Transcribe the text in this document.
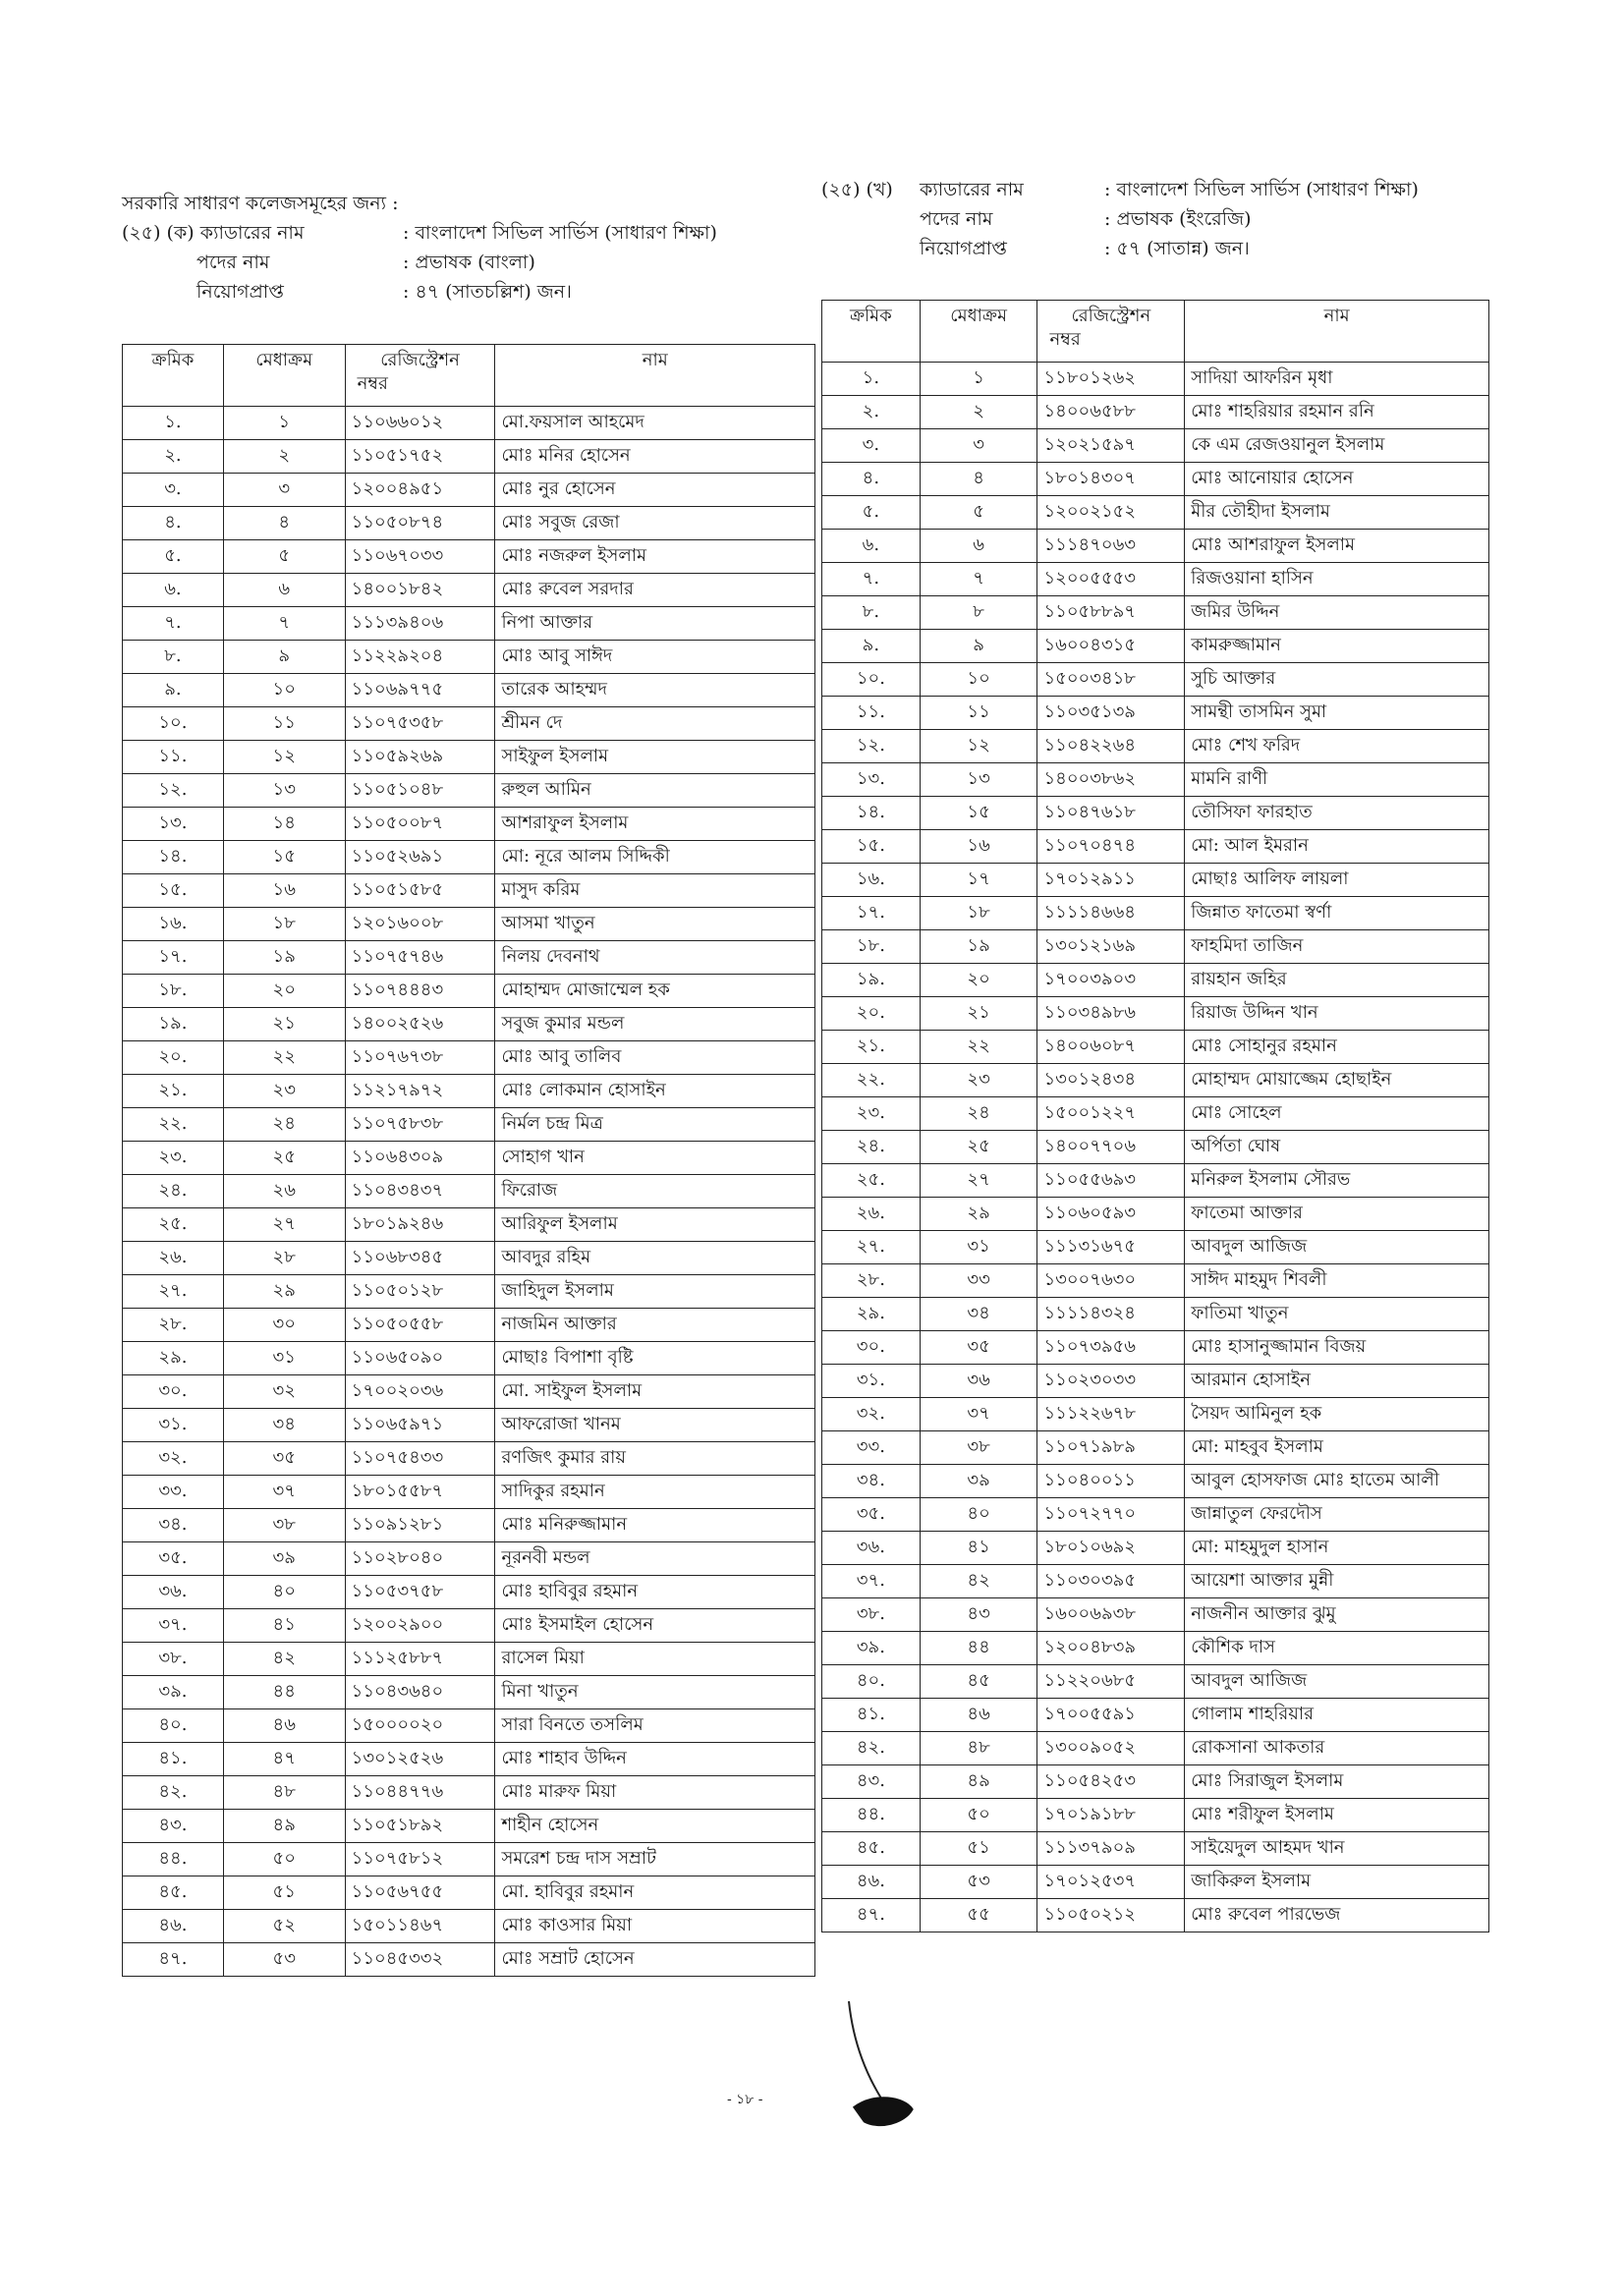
সরকারি সাধারণ কলেজসমূহের জন্য :
(২৫) (ক) ক্যাডারের নাম	: বাংলাদেশ সিভিল সার্ভিস (সাধারণ শিক্ষা)
পদের নাম	: প্রভাষক (বাংলা)
নিয়োগপ্রাপ্ত	: ৪৭ (সাতচল্লিশ) জন।
(২৫) (খ)	ক্যাডারের নাম	: বাংলাদেশ সিভিল সার্ভিস (সাধারণ শিক্ষা)
পদের নাম	: প্রভাষক (ইংরেজি)
নিয়োগপ্রাপ্ত	: ৫৭ (সাতান্ন) জন।
ক্রমিক	মেধাক্রম	রেজিস্ট্রেশন
নম্বর	নাম
১.	১	১১০৬৬০১২	মো.ফয়সাল আহমেদ
২.	২	১১০৫১৭৫২	মোঃ মনির হোসেন
৩.	৩	১২০০৪৯৫১	মোঃ নুর হোসেন
৪.	৪	১১০৫০৮৭৪	মোঃ সবুজ রেজা
৫.	৫	১১০৬৭০৩৩	মোঃ নজরুল ইসলাম
৬.	৬	১৪০০১৮৪২	মোঃ রুবেল সরদার
৭.	৭	১১১৩৯৪০৬	নিপা আক্তার
৮.	৯	১১২২৯২০৪	মোঃ আবু সাঈদ
৯.	১০	১১০৬৯৭৭৫	তারেক আহম্মদ
১০.	১১	১১০৭৫৩৫৮	শ্রীমন দে
১১.	১২	১১০৫৯২৬৯	সাইফুল ইসলাম
১২.	১৩	১১০৫১০৪৮	রুহুল আমিন
১৩.	১৪	১১০৫০০৮৭	আশরাফুল ইসলাম
১৪.	১৫	১১০৫২৬৯১	মো: নূরে আলম সিদ্দিকী
১৫.	১৬	১১০৫১৫৮৫	মাসুদ করিম
১৬.	১৮	১২০১৬০০৮	আসমা খাতুন
১৭.	১৯	১১০৭৫৭৪৬	নিলয় দেবনাথ
১৮.	২০	১১০৭৪৪৪৩	মোহাম্মদ মোজাম্মেল হক
১৯.	২১	১৪০০২৫২৬	সবুজ কুমার মন্ডল
২০.	২২	১১০৭৬৭৩৮	মোঃ আবু তালিব
২১.	২৩	১১২১৭৯৭২	মোঃ লোকমান হোসাইন
২২.	২৪	১১০৭৫৮৩৮	নির্মল চন্দ্র মিত্র
২৩.	২৫	১১০৬৪৩০৯	সোহাগ খান
২৪.	২৬	১১০৪৩৪৩৭	ফিরোজ
২৫.	২৭	১৮০১৯২৪৬	আরিফুল ইসলাম
২৬.	২৮	১১০৬৮৩৪৫	আবদুর রহিম
২৭.	২৯	১১০৫০১২৮	জাহিদুল ইসলাম
২৮.	৩০	১১০৫০৫৫৮	নাজমিন আক্তার
২৯.	৩১	১১০৬৫০৯০	মোছাঃ বিপাশা বৃষ্টি
৩০.	৩২	১৭০০২০৩৬	মো. সাইফুল ইসলাম
৩১.	৩৪	১১০৬৫৯৭১	আফরোজা খানম
৩২.	৩৫	১১০৭৫৪৩৩	রণজিৎ কুমার রায়
৩৩.	৩৭	১৮০১৫৫৮৭	সাদিকুর রহমান
৩৪.	৩৮	১১০৯১২৮১	মোঃ মনিরুজ্জামান
৩৫.	৩৯	১১০২৮০৪০	নূরনবী মন্ডল
৩৬.	৪০	১১০৫৩৭৫৮	মোঃ হাবিবুর রহমান
৩৭.	৪১	১২০০২৯০০	মোঃ ইসমাইল হোসেন
৩৮.	৪২	১১১২৫৮৮৭	রাসেল মিয়া
৩৯.	৪৪	১১০৪৩৬৪০	মিনা খাতুন
৪০.	৪৬	১৫০০০০২০	সারা বিনতে তসলিম
৪১.	৪৭	১৩০১২৫২৬	মোঃ শাহাব উদ্দিন
৪২.	৪৮	১১০৪৪৭৭৬	মোঃ মারুফ মিয়া
৪৩.	৪৯	১১০৫১৮৯২	শাহীন হোসেন
৪৪.	৫০	১১০৭৫৮১২	সমরেশ চন্দ্র দাস সম্রাট
৪৫.	৫১	১১০৫৬৭৫৫	মো. হাবিবুর রহমান
৪৬.	৫২	১৫০১১৪৬৭	মোঃ কাওসার মিয়া
৪৭.	৫৩	১১০৪৫৩৩২	মোঃ সম্রাট হোসেন
ক্রমিক	মেধাক্রম	রেজিস্ট্রেশন
নম্বর	নাম
১.	১	১১৮০১২৬২	সাদিয়া আফরিন মৃধা
২.	২	১৪০০৬৫৮৮	মোঃ শাহরিয়ার রহমান রনি
৩.	৩	১২০২১৫৯৭	কে এম রেজওয়ানুল ইসলাম
৪.	৪	১৮০১৪৩০৭	মোঃ আনোয়ার হোসেন
৫.	৫	১২০০২১৫২	মীর তৌহীদা ইসলাম
৬.	৬	১১১৪৭০৬৩	মোঃ আশরাফুল ইসলাম
৭.	৭	১২০০৫৫৫৩	রিজওয়ানা হাসিন
৮.	৮	১১০৫৮৮৯৭	জমির উদ্দিন
৯.	৯	১৬০০৪৩১৫	কামরুজ্জামান
১০.	১০	১৫০০৩৪১৮	সুচি আক্তার
১১.	১১	১১০৩৫১৩৯	সামন্থী তাসমিন সুমা
১২.	১২	১১০৪২২৬৪	মোঃ শেখ ফরিদ
১৩.	১৩	১৪০০৩৮৬২	মামনি রাণী
১৪.	১৫	১১০৪৭৬১৮	তৌসিফা ফারহাত
১৫.	১৬	১১০৭০৪৭৪	মো: আল ইমরান
১৬.	১৭	১৭০১২৯১১	মোছাঃ আলিফ লায়লা
১৭.	১৮	১১১১৪৬৬৪	জিন্নাত ফাতেমা স্বর্ণা
১৮.	১৯	১৩০১২১৬৯	ফাহমিদা তাজিন
১৯.	২০	১৭০০৩৯০৩	রায়হান জহির
২০.	২১	১১০৩৪৯৮৬	রিয়াজ উদ্দিন খান
২১.	২২	১৪০০৬০৮৭	মোঃ সোহানুর রহমান
২২.	২৩	১৩০১২৪৩৪	মোহাম্মদ মোয়াজ্জেম হোছাইন
২৩.	২৪	১৫০০১২২৭	মোঃ সোহেল
২৪.	২৫	১৪০০৭৭০৬	অর্পিতা ঘোষ
২৫.	২৭	১১০৫৫৬৯৩	মনিরুল ইসলাম সৌরভ
২৬.	২৯	১১০৬০৫৯৩	ফাতেমা আক্তার
২৭.	৩১	১১১৩১৬৭৫	আবদুল আজিজ
২৮.	৩৩	১৩০০৭৬৩০	সাঈদ মাহমুদ শিবলী
২৯.	৩৪	১১১১৪৩২৪	ফাতিমা খাতুন
৩০.	৩৫	১১০৭৩৯৫৬	মোঃ হাসানুজ্জামান বিজয়
৩১.	৩৬	১১০২৩০৩৩	আরমান হোসাইন
৩২.	৩৭	১১১২২৬৭৮	সৈয়দ আমিনুল হক
৩৩.	৩৮	১১০৭১৯৮৯	মো: মাহবুব ইসলাম
৩৪.	৩৯	১১০৪০০১১	আবুল হোসফাজ মোঃ হাতেম আলী
৩৫.	৪০	১১০৭২৭৭০	জান্নাতুল ফেরদৌস
৩৬.	৪১	১৮০১০৬৯২	মো: মাহমুদুল হাসান
৩৭.	৪২	১১০৩০৩৯৫	আয়েশা আক্তার মুন্নী
৩৮.	৪৩	১৬০০৬৯৩৮	নাজনীন আক্তার ঝুমু
৩৯.	৪৪	১২০০৪৮৩৯	কৌশিক দাস
৪০.	৪৫	১১২২০৬৮৫	আবদুল আজিজ
৪১.	৪৬	১৭০০৫৫৯১	গোলাম শাহরিয়ার
৪২.	৪৮	১৩০০৯০৫২	রোকসানা আকতার
৪৩.	৪৯	১১০৫৪২৫৩	মোঃ সিরাজুল ইসলাম
৪৪.	৫০	১৭০১৯১৮৮	মোঃ শরীফুল ইসলাম
৪৫.	৫১	১১১৩৭৯০৯	সাইয়েদুল আহমদ খান
৪৬.	৫৩	১৭০১২৫৩৭	জাকিরুল ইসলাম
৪৭.	৫৫	১১০৫০২১২	মোঃ রুবেল পারভেজ
- ১৮ -
